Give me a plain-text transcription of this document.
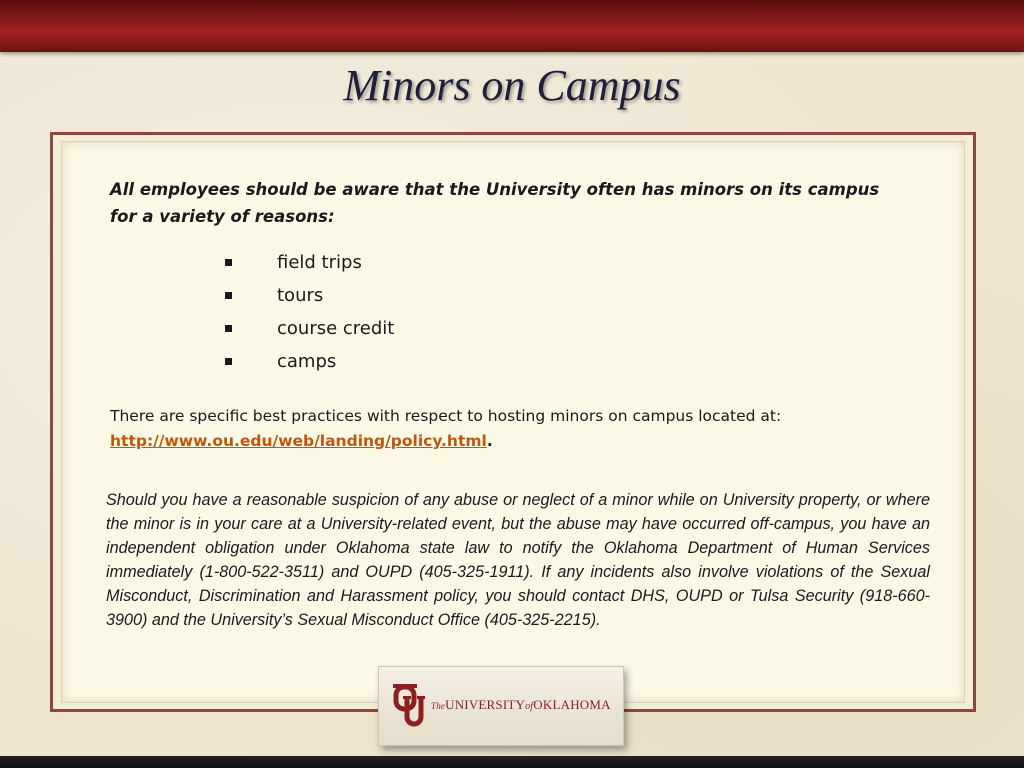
Minors on Campus
All employees should be aware that the University often has minors on its campus
for a variety of reasons:
field trips
tours
course credit
camps
There are specific best practices with respect to hosting minors on campus located at:
http://www.ou.edu/web/landing/policy.html.
Should you have a reasonable suspicion of any abuse or neglect of a minor while on University property, or where the minor is in your care at a University-related event, but the abuse may have occurred off-campus, you have an independent obligation under Oklahoma state law to notify the Oklahoma Department of Human Services immediately (1-800-522-3511) and OUPD (405-325-1911). If any incidents also involve violations of the Sexual Misconduct, Discrimination and Harassment policy, you should contact DHS, OUPD or Tulsa Security (918-660-3900) and the University’s Sexual Misconduct Office (405-325-2215).
TheUNIVERSITYofOKLAHOMA
